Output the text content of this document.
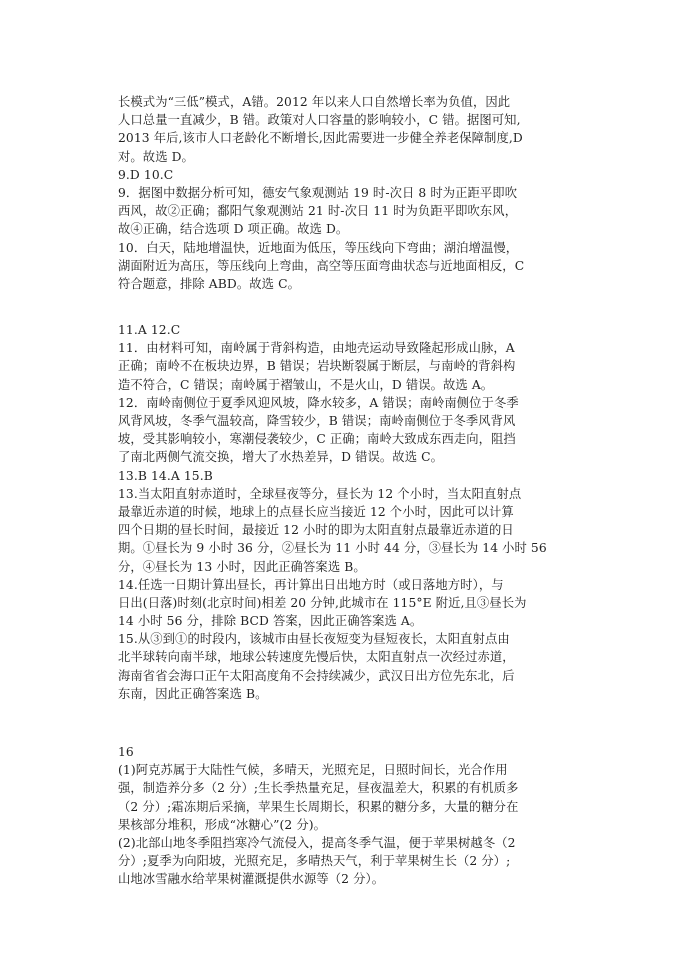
长模式为“三低”模式，A错。2012 年以来人口自然增长率为负值，因此
人口总量一直减少，B 错。政策对人口容量的影响较小，C 错。据图可知,
2013 年后,该市人口老龄化不断增长,因此需要进一步健全养老保障制度,D
对。故选 D。
9.D 10.C
9．据图中数据分析可知，德安气象观测站 19 时-次日 8 时为正距平即吹
西风，故②正确；鄱阳气象观测站 21 时-次日 11 时为负距平即吹东风，
故④正确，结合选项 D 项正确。故选 D。
10．白天，陆地增温快，近地面为低压，等压线向下弯曲；湖泊增温慢，
湖面附近为高压，等压线向上弯曲，高空等压面弯曲状态与近地面相反，C
符合题意，排除 ABD。故选 C。
11.A 12.C
11．由材料可知，南岭属于背斜构造，由地壳运动导致隆起形成山脉，A
正确；南岭不在板块边界，B 错误；岩块断裂属于断层，与南岭的背斜构
造不符合，C 错误；南岭属于褶皱山，不是火山，D 错误。故选 A。
12．南岭南侧位于夏季风迎风坡，降水较多，A 错误；南岭南侧位于冬季
风背风坡，冬季气温较高，降雪较少，B 错误；南岭南侧位于冬季风背风
坡，受其影响较小，寒潮侵袭较少，C 正确；南岭大致成东西走向，阻挡
了南北两侧气流交换，增大了水热差异，D 错误。故选 C。
13.B 14.A 15.B
13.当太阳直射赤道时，全球昼夜等分，昼长为 12 个小时，当太阳直射点
最靠近赤道的时候，地球上的点昼长应当接近 12 个小时，因此可以计算
四个日期的昼长时间，最接近 12 小时的即为太阳直射点最靠近赤道的日
期。①昼长为 9 小时 36 分，②昼长为 11 小时 44 分，③昼长为 14 小时 56
分，④昼长为 13 小时，因此正确答案选 B。
14.任选一日期计算出昼长，再计算出日出地方时（或日落地方时），与
日出(日落)时刻(北京时间)相差 20 分钟,此城市在 115°E 附近,且③昼长为
14 小时 56 分，排除 BCD 答案，因此正确答案选 A。
15.从③到①的时段内，该城市由昼长夜短变为昼短夜长，太阳直射点由
北半球转向南半球，地球公转速度先慢后快，太阳直射点一次经过赤道，
海南省省会海口正午太阳高度角不会持续减少，武汉日出方位先东北，后
东南，因此正确答案选 B。
16
(1)阿克苏属于大陆性气候，多晴天，光照充足，日照时间长，光合作用
强，制造养分多（2 分）;生长季热量充足，昼夜温差大，积累的有机质多
（2 分）;霜冻期后采摘，苹果生长周期长，积累的糖分多，大量的糖分在
果核部分堆积，形成“冰糖心”(2 分)。
(2)北部山地冬季阻挡寒冷气流侵入，提高冬季气温，便于苹果树越冬（2
分）;夏季为向阳坡，光照充足，多晴热天气，利于苹果树生长（2 分）;
山地冰雪融水给苹果树灌溉提供水源等（2 分）。
